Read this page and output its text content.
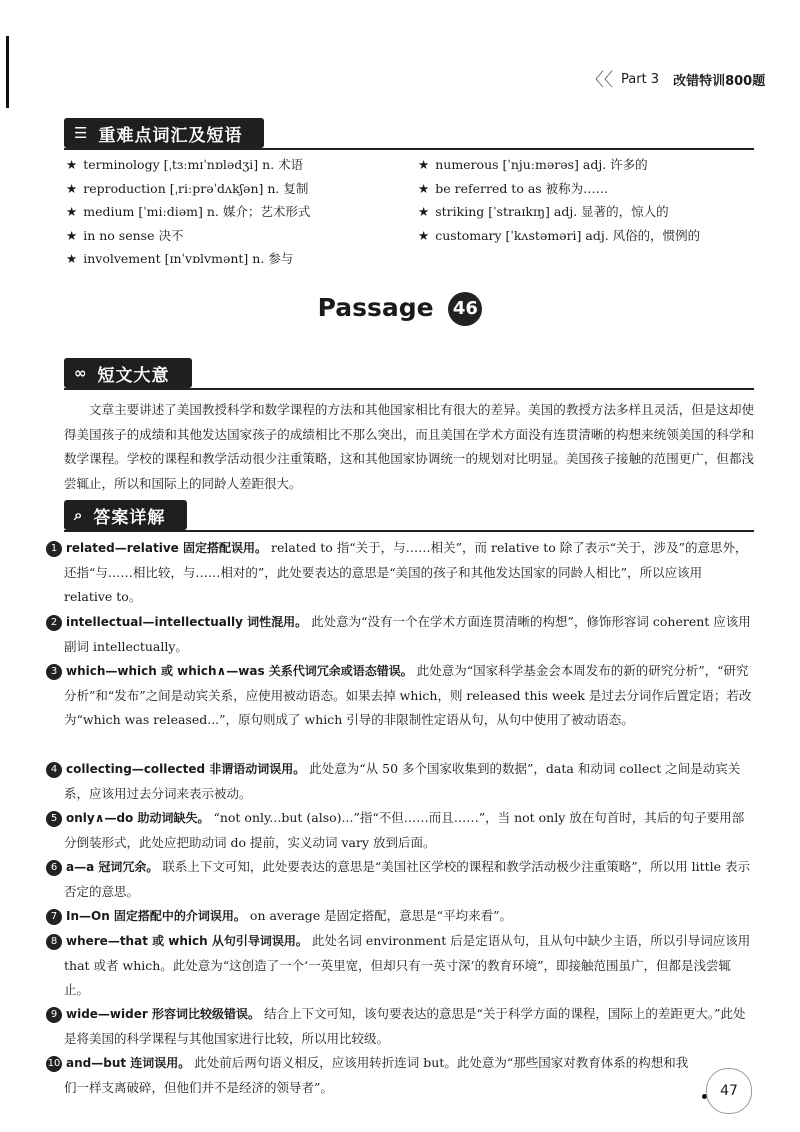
〈〈 Part 3 改错特训800题
☰ 重难点词汇及短语
★ terminology [ˌtɜːmɪˈnɒlədʒi] n. 术语
★ reproduction [ˌriːprəˈdʌkʃən] n. 复制
★ medium [ˈmiːdiəm] n. 媒介；艺术形式
★ in no sense 决不
★ involvement [ɪnˈvɒlvmənt] n. 参与
★ numerous [ˈnjuːmərəs] adj. 许多的
★ be referred to as 被称为……
★ striking [ˈstraɪkɪŋ] adj. 显著的，惊人的
★ customary [ˈkʌstəməri] adj. 风俗的，惯例的
Passage 46
∞ 短文大意
文章主要讲述了美国教授科学和数学课程的方法和其他国家相比有很大的差异。美国的教授方法多样且灵活，但是这却使得美国孩子的成绩和其他发达国家孩子的成绩相比不那么突出，而且美国在学术方面没有连贯清晰的构想来统领美国的科学和数学课程。学校的课程和教学活动很少注重策略，这和其他国家协调统一的规划对比明显。美国孩子接触的范围更广，但都浅尝辄止，所以和国际上的同龄人差距很大。
⌕ 答案详解
1 related—relative 固定搭配误用。 related to 指“关于，与……相关”，而 relative to 除了表示“关于，涉及”的意思外，还指“与……相比较，与……相对的”，此处要表达的意思是“美国的孩子和其他发达国家的同龄人相比”，所以应该用 relative to。
2 intellectual—intellectually 词性混用。 此处意为“没有一个在学术方面连贯清晰的构想”，修饰形容词 coherent 应该用副词 intellectually。
3 which—which 或 which∧—was 关系代词冗余或语态错误。 此处意为“国家科学基金会本周发布的新的研究分析”，“研究分析”和“发布”之间是动宾关系，应使用被动语态。如果去掉 which，则 released this week 是过去分词作后置定语；若改为“which was released...”，原句则成了 which 引导的非限制性定语从句，从句中使用了被动语态。
4 collecting—collected 非谓语动词误用。 此处意为“从 50 多个国家收集到的数据”，data 和动词 collect 之间是动宾关系，应该用过去分词来表示被动。
5 only∧—do 助动词缺失。 “not only...but (also)...”指“不但……而且……”，当 not only 放在句首时，其后的句子要用部分倒装形式，此处应把助动词 do 提前，实义动词 vary 放到后面。
6 a—a 冠词冗余。 联系上下文可知，此处要表达的意思是“美国社区学校的课程和教学活动极少注重策略”，所以用 little 表示否定的意思。
7 In—On 固定搭配中的介词误用。 on average 是固定搭配，意思是“平均来看”。
8 where—that 或 which 从句引导词误用。 此处名词 environment 后是定语从句，且从句中缺少主语，所以引导词应该用 that 或者 which。此处意为“这创造了一个‘一英里宽，但却只有一英寸深’的教育环境”，即接触范围虽广，但都是浅尝辄止。
9 wide—wider 形容词比较级错误。 结合上下文可知，该句要表达的意思是“关于科学方面的课程，国际上的差距更大。”此处是将美国的科学课程与其他国家进行比较，所以用比较级。
10 and—but 连词误用。 此处前后两句语义相反，应该用转折连词 but。此处意为“那些国家对教育体系的构想和我们一样支离破碎，但他们并不是经济的领导者”。	47
